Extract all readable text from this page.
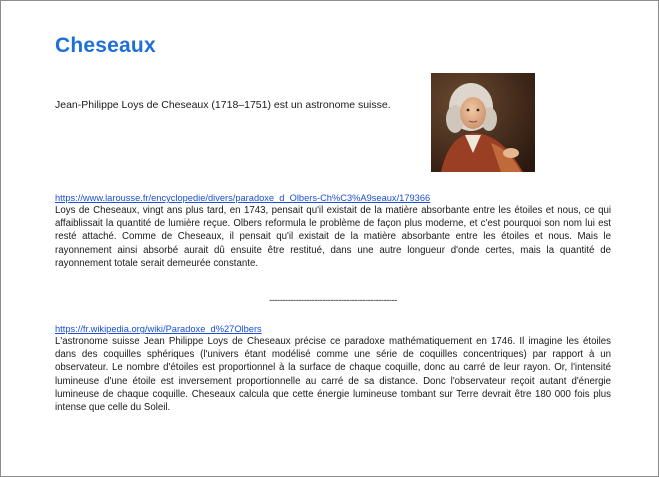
Cheseaux

Jean-Philippe Loys de Cheseaux (1718–1751) est un astronome suisse.

https://www.larousse.fr/encyclopedie/divers/paradoxe_d_Olbers-Ch%C3%A9seaux/179366

Loys de Cheseaux, vingt ans plus tard, en 1743, pensait qu'il existait de la matière absorbante entre les étoiles et nous, ce qui affaiblissait la quantité de lumière reçue. Olbers reformula le problème de façon plus moderne, et c'est pourquoi son nom lui est resté attaché. Comme de Cheseaux, il pensait qu'il existait de la matière absorbante entre les étoiles et nous. Mais le rayonnement ainsi absorbé aurait dû ensuite être restitué, dans une autre longueur d'onde certes, mais la quantité de rayonnement totale serait demeurée constante.

------------------------------------------------
https://fr.wikipedia.org/wiki/Paradoxe_d%27Olbers

L'astronome suisse Jean Philippe Loys de Cheseaux précise ce paradoxe mathématiquement en 1746. Il imagine les étoiles dans des coquilles sphériques (l'univers étant modélisé comme une série de coquilles concentriques) par rapport à un observateur. Le nombre d'étoiles est proportionnel à la surface de chaque coquille, donc au carré de leur rayon. Or, l'intensité lumineuse d'une étoile est inversement proportionnelle au carré de sa distance. Donc l'observateur reçoit autant d'énergie lumineuse de chaque coquille. Cheseaux calcula que cette énergie lumineuse tombant sur Terre devrait être 180 000 fois plus intense que celle du Soleil.
